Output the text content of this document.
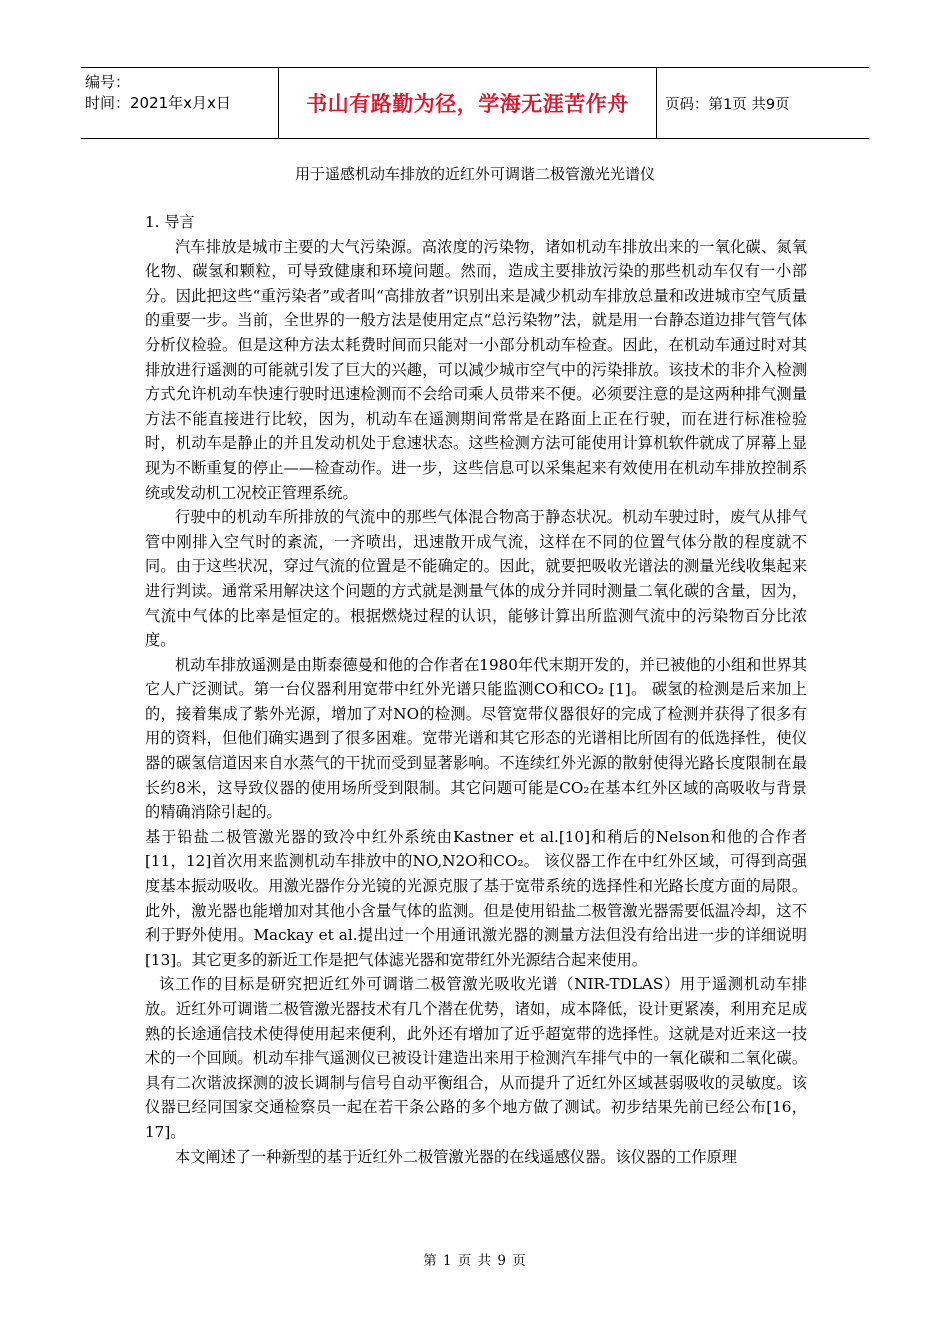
编号：
时间：2021年x月x日	书山有路勤为径，学海无涯苦作舟	页码：第1页 共9页
用于遥感机动车排放的近红外可调谐二极管激光光谱仪

1. 导言

汽车排放是城市主要的大气污染源。高浓度的污染物，诸如机动车排放出来的一氧化碳、氮氧化物、碳氢和颗粒，可导致健康和环境问题。然而，造成主要排放污染的那些机动车仅有一小部分。因此把这些“重污染者”或者叫“高排放者”识别出来是减少机动车排放总量和改进城市空气质量的重要一步。当前，全世界的一般方法是使用定点“总污染物”法，就是用一台静态道边排气管气体分析仪检验。但是这种方法太耗费时间而只能对一小部分机动车检查。因此，在机动车通过时对其排放进行遥测的可能就引发了巨大的兴趣，可以减少城市空气中的污染排放。该技术的非介入检测方式允许机动车快速行驶时迅速检测而不会给司乘人员带来不便。必须要注意的是这两种排气测量方法不能直接进行比较，因为，机动车在遥测期间常常是在路面上正在行驶，而在进行标准检验时，机动车是静止的并且发动机处于怠速状态。这些检测方法可能使用计算机软件就成了屏幕上显现为不断重复的停止——检查动作。进一步，这些信息可以采集起来有效使用在机动车排放控制系统或发动机工况校正管理系统。

行驶中的机动车所排放的气流中的那些气体混合物高于静态状况。机动车驶过时，废气从排气管中刚排入空气时的紊流，一齐喷出，迅速散开成气流，这样在不同的位置气体分散的程度就不同。由于这些状况，穿过气流的位置是不能确定的。因此，就要把吸收光谱法的测量光线收集起来进行判读。通常采用解决这个问题的方式就是测量气体的成分并同时测量二氧化碳的含量，因为，气流中气体的比率是恒定的。根据燃烧过程的认识，能够计算出所监测气流中的污染物百分比浓度。

机动车排放遥测是由斯泰德曼和他的合作者在1980年代末期开发的，并已被他的小组和世界其它人广泛测试。第一台仪器利用宽带中红外光谱只能监测CO和CO₂ [1]。 碳氢的检测是后来加上的，接着集成了紫外光源，增加了对NO的检测。尽管宽带仪器很好的完成了检测并获得了很多有用的资料，但他们确实遇到了很多困难。宽带光谱和其它形态的光谱相比所固有的低选择性，使仪器的碳氢信道因来自水蒸气的干扰而受到显著影响。不连续红外光源的散射使得光路长度限制在最长约8米，这导致仪器的使用场所受到限制。其它问题可能是CO₂在基本红外区域的高吸收与背景的精确消除引起的。

基于铅盐二极管激光器的致冷中红外系统由Kastner et al.[10]和稍后的Nelson和他的合作者[11，12]首次用来监测机动车排放中的NO,N2O和CO₂。 该仪器工作在中红外区域，可得到高强度基本振动吸收。用激光器作分光镜的光源克服了基于宽带系统的选择性和光路长度方面的局限。此外，激光器也能增加对其他小含量气体的监测。但是使用铅盐二极管激光器需要低温冷却，这不利于野外使用。Mackay et al.提出过一个用通讯激光器的测量方法但没有给出进一步的详细说明[13]。其它更多的新近工作是把气体滤光器和宽带红外光源结合起来使用。

该工作的目标是研究把近红外可调谐二极管激光吸收光谱（NIR-TDLAS）用于遥测机动车排放。近红外可调谐二极管激光器技术有几个潜在优势，诸如，成本降低，设计更紧凑，利用充足成熟的长途通信技术使得使用起来便利，此外还有增加了近乎超宽带的选择性。这就是对近来这一技术的一个回顾。机动车排气遥测仪已被设计建造出来用于检测汽车排气中的一氧化碳和二氧化碳。具有二次谐波探测的波长调制与信号自动平衡组合，从而提升了近红外区域甚弱吸收的灵敏度。该仪器已经同国家交通检察员一起在若干条公路的多个地方做了测试。初步结果先前已经公布[16，17]。

本文阐述了一种新型的基于近红外二极管激光器的在线遥感仪器。该仪器的工作原理

第 1 页 共 9 页
